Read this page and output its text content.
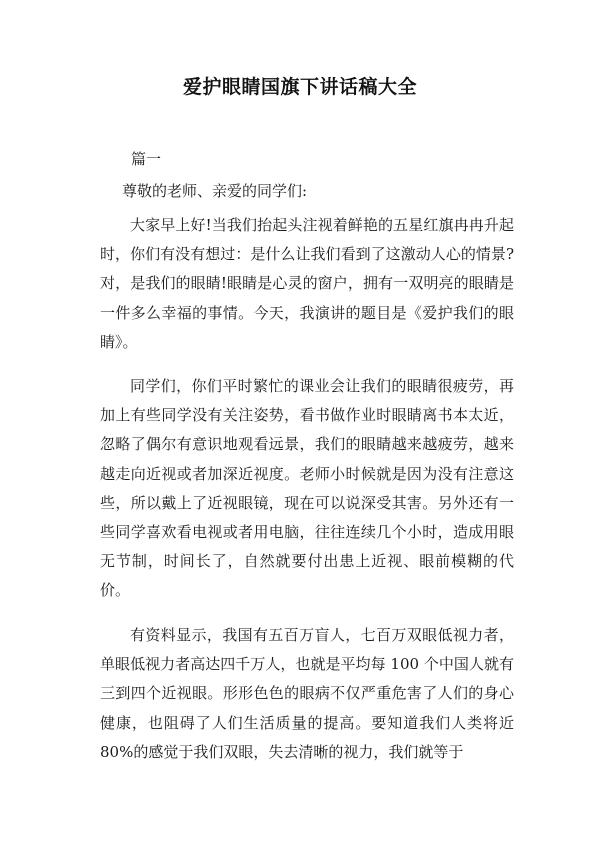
爱护眼睛国旗下讲话稿大全

篇一

尊敬的老师、亲爱的同学们:

大家早上好!当我们抬起头注视着鲜艳的五星红旗冉冉升起时，你们有没有想过：是什么让我们看到了这激动人心的情景?对，是我们的眼睛!眼睛是心灵的窗户，拥有一双明亮的眼睛是一件多么幸福的事情。今天，我演讲的题目是《爱护我们的眼睛》。

同学们，你们平时繁忙的课业会让我们的眼睛很疲劳，再加上有些同学没有关注姿势，看书做作业时眼睛离书本太近，忽略了偶尔有意识地观看远景，我们的眼睛越来越疲劳，越来越走向近视或者加深近视度。老师小时候就是因为没有注意这些，所以戴上了近视眼镜，现在可以说深受其害。另外还有一些同学喜欢看电视或者用电脑，往往连续几个小时，造成用眼无节制，时间长了，自然就要付出患上近视、眼前模糊的代价。

有资料显示，我国有五百万盲人，七百万双眼低视力者，单眼低视力者高达四千万人，也就是平均每 100 个中国人就有三到四个近视眼。形形色色的眼病不仅严重危害了人们的身心健康，也阻碍了人们生活质量的提高。要知道我们人类将近 80%的感觉于我们双眼，失去清晰的视力，我们就等于
